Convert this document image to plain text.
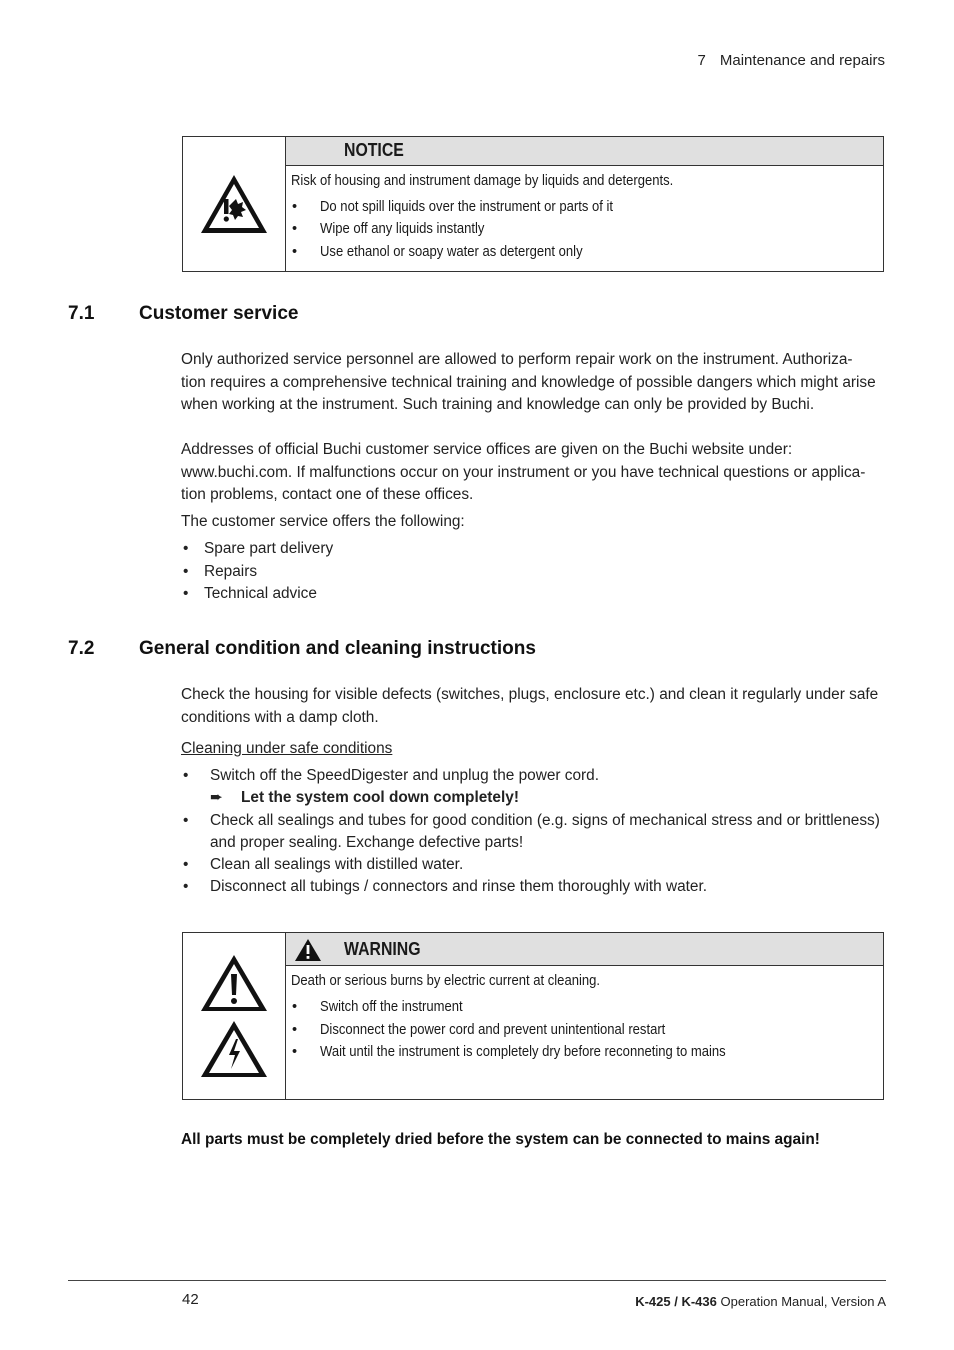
7 Maintenance and repairs
NOTICE
Risk of housing and instrument damage by liquids and detergents.
• Do not spill liquids over the instrument or parts of it
• Wipe off any liquids instantly
• Use ethanol or soapy water as detergent only
7.1 Customer service

Only authorized service personnel are allowed to perform repair work on the instrument. Authoriza-

tion requires a comprehensive technical training and knowledge of possible dangers which might arise

when working at the instrument. Such training and knowledge can only be provided by Buchi.

Addresses of official Buchi customer service offices are given on the Buchi website under:

www.buchi.com. If malfunctions occur on your instrument or you have technical questions or applica-

tion problems, contact one of these offices.

The customer service offers the following:
• Spare part delivery
• Repairs
• Technical advice
7.2 General condition and cleaning instructions

Check the housing for visible defects (switches, plugs, enclosure etc.) and clean it regularly under safe

conditions with a damp cloth.

Cleaning under safe conditions
• Switch off the SpeedDigester and unplug the power cord.
➨ Let the system cool down completely!
• Check all sealings and tubes for good condition (e.g. signs of mechanical stress and or brittleness)
and proper sealing. Exchange defective parts!
• Clean all sealings with distilled water.
• Disconnect all tubings / connectors and rinse them thoroughly with water.
WARNING
Death or serious burns by electric current at cleaning.
• Switch off the instrument
• Disconnect the power cord and prevent unintentional restart
• Wait until the instrument is completely dry before reconneting to mains
All parts must be completely dried before the system can be connected to mains again!
42	K-425 / K-436 Operation Manual, Version A
